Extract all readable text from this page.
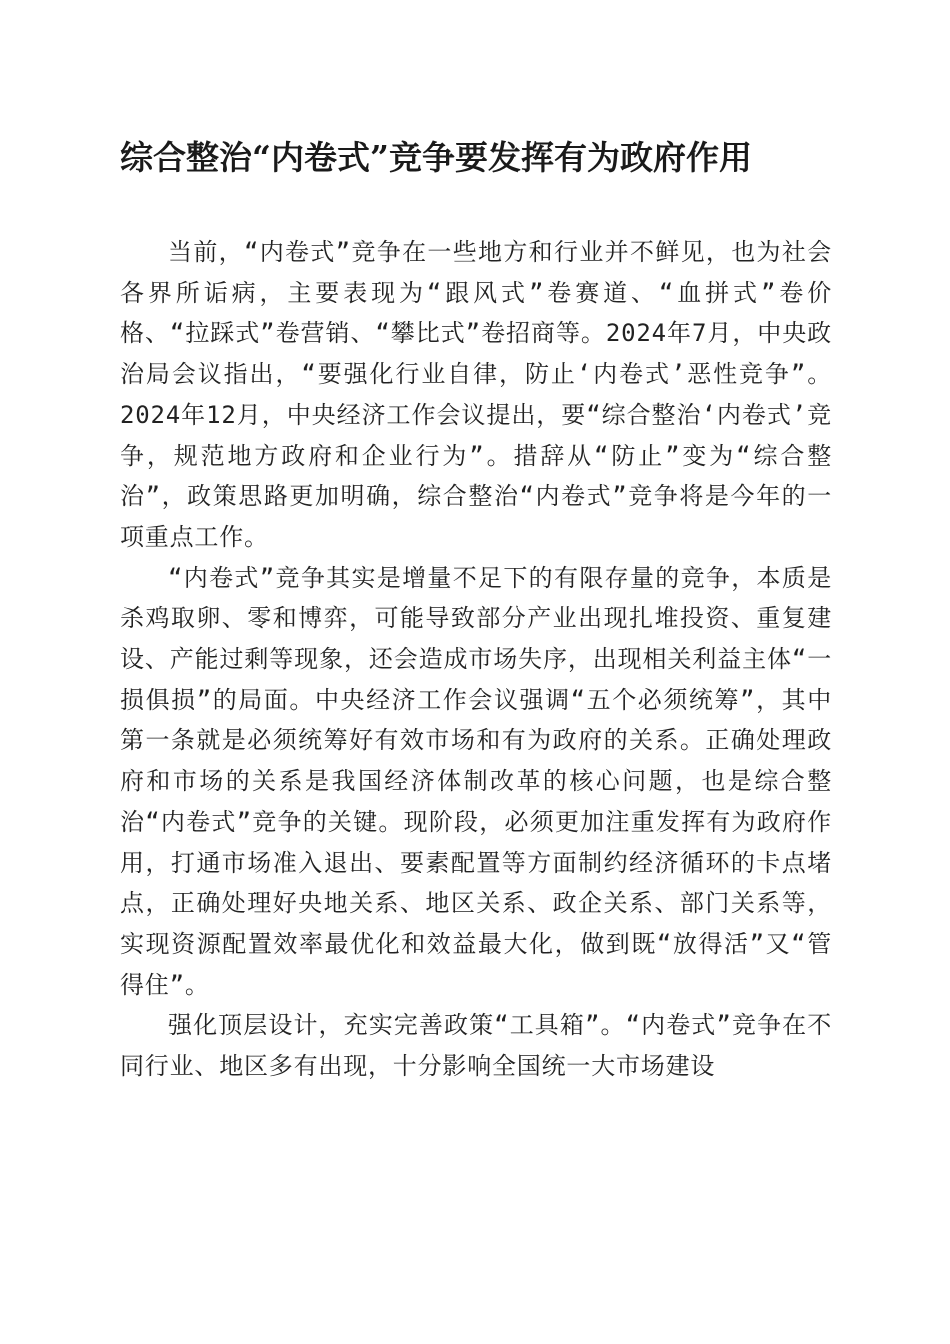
综合整治“内卷式”竞争要发挥有为政府作用

当前，“内卷式”竞争在一些地方和行业并不鲜见，也为社会各界所诟病，主要表现为“跟风式”卷赛道、“血拼式”卷价格、“拉踩式”卷营销、“攀比式”卷招商等。2024年7月，中央政治局会议指出，“要强化行业自律，防止‘内卷式’恶性竞争”。2024年12月，中央经济工作会议提出，要“综合整治‘内卷式’竞争，规范地方政府和企业行为”。措辞从“防止”变为“综合整治”，政策思路更加明确，综合整治“内卷式”竞争将是今年的一项重点工作。

“内卷式”竞争其实是增量不足下的有限存量的竞争，本质是杀鸡取卵、零和博弈，可能导致部分产业出现扎堆投资、重复建设、产能过剩等现象，还会造成市场失序，出现相关利益主体“一损俱损”的局面。中央经济工作会议强调“五个必须统筹”，其中第一条就是必须统筹好有效市场和有为政府的关系。正确处理政府和市场的关系是我国经济体制改革的核心问题，也是综合整治“内卷式”竞争的关键。现阶段，必须更加注重发挥有为政府作用，打通市场准入退出、要素配置等方面制约经济循环的卡点堵点，正确处理好央地关系、地区关系、政企关系、部门关系等，实现资源配置效率最优化和效益最大化，做到既“放得活”又“管得住”。

强化顶层设计，充实完善政策“工具箱”。“内卷式”竞争在不同行业、地区多有出现，十分影响全国统一大市场建设
